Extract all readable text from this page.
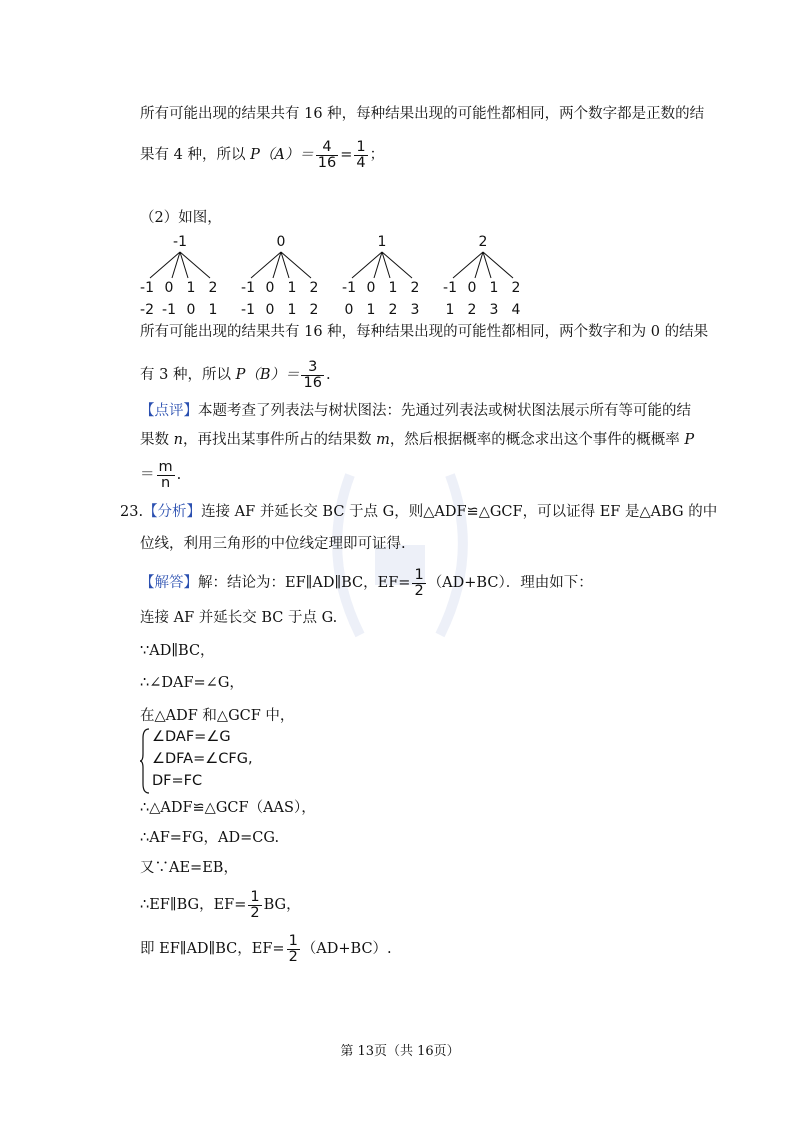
所有可能出现的结果共有 16 种，每种结果出现的可能性都相同，两个数字都是正数的结
果有 4 种，所以 $P(A)= \frac{4}{16} = \frac{1}{4}$ ；
（2）如图，
-1
-1
-2
0
-1
1
0
2
1
0
-1
-1
0
0
1
1
2
2
1
-1
0
0
1
1
2
2
3
2
-1
1
0
2
1
3
2
4
所有可能出现的结果共有 16 种，每种结果出现的可能性都相同，两个数字和为 0 的结果
有 3 种，所以 $P(B)= \frac{3}{16}$ .
【点评】本题考查了列表法与树状图法：先通过列表法或树状图法展示所有等可能的结
果数 n，再找出某事件所占的结果数 m，然后根据概率的概念求出这个事件的概概率 P
＝ $\frac{m}{n}$ .
23.【分析】连接 AF 并延长交 BC 于点 G，则△ADF≌△GCF，可以证得 EF 是△ABG 的中
位线，利用三角形的中位线定理即可证得.
【解答】解：结论为：EF∥AD∥BC，$EF= \frac{1}{2} (AD+BC)$．理由如下：
连接 AF 并延长交 BC 于点 G.
∵AD∥BC，
∴∠DAF=∠G，
在△ADF 和△GCF 中，
∠DAF=∠G
∠DFA=∠CFG,
DF=FC
∴△ADF≌△GCF（AAS），
∴AF=FG，AD=CG.
又∵AE=EB，
∴EF∥BG，$EF= \frac{1}{2}$ BG，
即 EF∥AD∥BC，$EF= \frac{1}{2} (AD+BC)$.
第 13页（共 16页）
